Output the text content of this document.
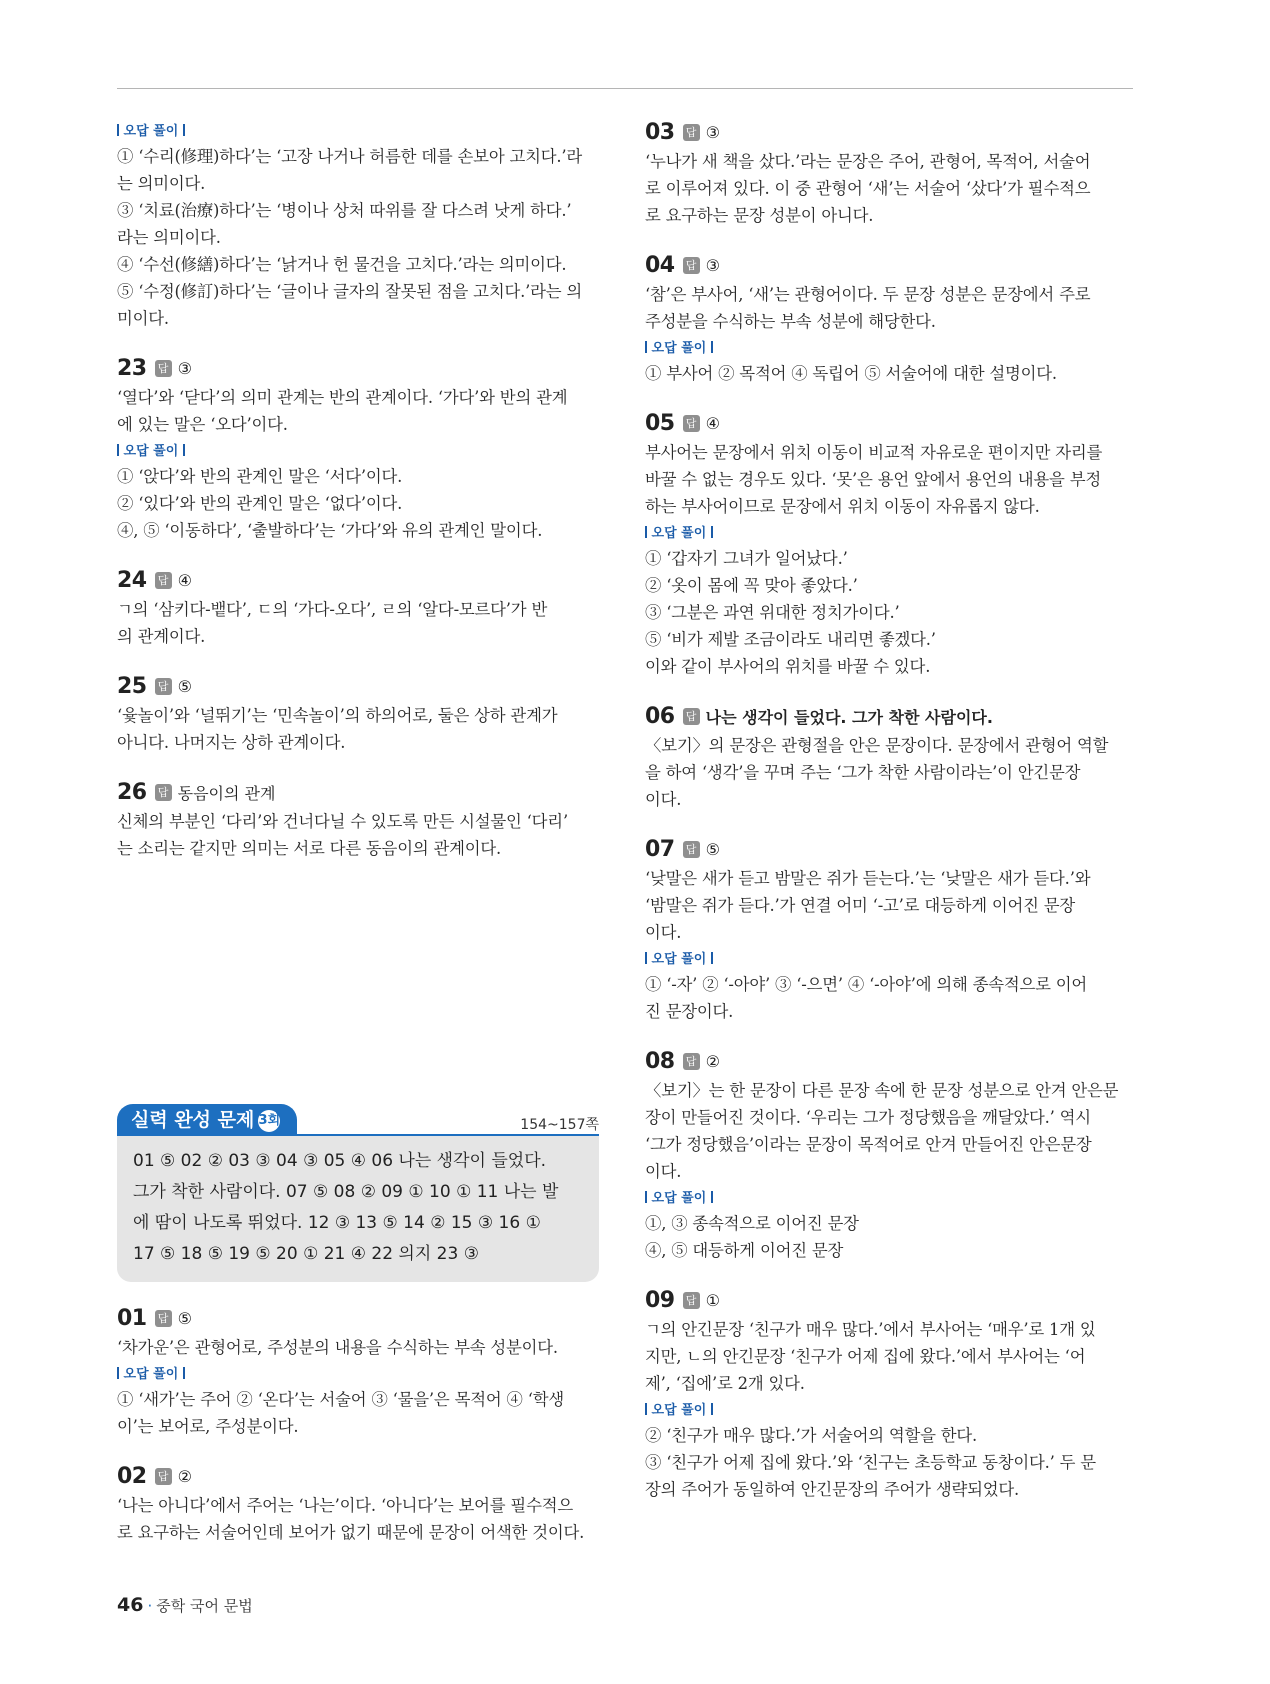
오답 풀이

① ‘수리(修理)하다’는 ‘고장 나거나 허름한 데를 손보아 고치다.’라

는 의미이다.

③ ‘치료(治療)하다’는 ‘병이나 상처 따위를 잘 다스려 낫게 하다.’

라는 의미이다.

④ ‘수선(修繕)하다’는 ‘낡거나 헌 물건을 고치다.’라는 의미이다.

⑤ ‘수정(修訂)하다’는 ‘글이나 글자의 잘못된 점을 고치다.’라는 의

미이다.

23 답 ③

‘열다’와 ‘닫다’의 의미 관계는 반의 관계이다. ‘가다’와 반의 관계

에 있는 말은 ‘오다’이다.

오답 풀이

① ‘앉다’와 반의 관계인 말은 ‘서다’이다.

② ‘있다’와 반의 관계인 말은 ‘없다’이다.

④, ⑤ ‘이동하다’, ‘출발하다’는 ‘가다’와 유의 관계인 말이다.

24 답 ④

ㄱ의 ‘삼키다-뱉다’, ㄷ의 ‘가다-오다’, ㄹ의 ‘알다-모르다’가 반

의 관계이다.

25 답 ⑤

‘윷놀이’와 ‘널뛰기’는 ‘민속놀이’의 하의어로, 둘은 상하 관계가

아니다. 나머지는 상하 관계이다.

26 답 동음이의 관계

신체의 부분인 ‘다리’와 건너다닐 수 있도록 만든 시설물인 ‘다리’

는 소리는 같지만 의미는 서로 다른 동음이의 관계이다.

실력 완성 문제 3회	154~157쪽
01 ⑤ 02 ② 03 ③ 04 ③ 05 ④ 06 나는 생각이 들었다.
그가 착한 사람이다. 07 ⑤ 08 ② 09 ① 10 ① 11 나는 발
에 땀이 나도록 뛰었다. 12 ③ 13 ⑤ 14 ② 15 ③ 16 ①
17 ⑤ 18 ⑤ 19 ⑤ 20 ① 21 ④ 22 의지 23 ③
01 답 ⑤

‘차가운’은 관형어로, 주성분의 내용을 수식하는 부속 성분이다.

오답 풀이

① ‘새가’는 주어 ② ‘온다’는 서술어 ③ ‘물을’은 목적어 ④ ‘학생

이’는 보어로, 주성분이다.

02 답 ②

‘나는 아니다’에서 주어는 ‘나는’이다. ‘아니다’는 보어를 필수적으

로 요구하는 서술어인데 보어가 없기 때문에 문장이 어색한 것이다.

03 답 ③

‘누나가 새 책을 샀다.’라는 문장은 주어, 관형어, 목적어, 서술어

로 이루어져 있다. 이 중 관형어 ‘새’는 서술어 ‘샀다’가 필수적으

로 요구하는 문장 성분이 아니다.

04 답 ③

‘참’은 부사어, ‘새’는 관형어이다. 두 문장 성분은 문장에서 주로

주성분을 수식하는 부속 성분에 해당한다.

오답 풀이

① 부사어 ② 목적어 ④ 독립어 ⑤ 서술어에 대한 설명이다.

05 답 ④

부사어는 문장에서 위치 이동이 비교적 자유로운 편이지만 자리를

바꿀 수 없는 경우도 있다. ‘못’은 용언 앞에서 용언의 내용을 부정

하는 부사어이므로 문장에서 위치 이동이 자유롭지 않다.

오답 풀이

① ‘갑자기 그녀가 일어났다.’

② ‘옷이 몸에 꼭 맞아 좋았다.’

③ ‘그분은 과연 위대한 정치가이다.’

⑤ ‘비가 제발 조금이라도 내리면 좋겠다.’

이와 같이 부사어의 위치를 바꿀 수 있다.

06 답 나는 생각이 들었다. 그가 착한 사람이다.

〈보기〉의 문장은 관형절을 안은 문장이다. 문장에서 관형어 역할

을 하여 ‘생각’을 꾸며 주는 ‘그가 착한 사람이라는’이 안긴문장

이다.

07 답 ⑤

‘낮말은 새가 듣고 밤말은 쥐가 듣는다.’는 ‘낮말은 새가 듣다.’와

‘밤말은 쥐가 듣다.’가 연결 어미 ‘-고’로 대등하게 이어진 문장

이다.

오답 풀이

① ‘-자’ ② ‘-아야’ ③ ‘-으면’ ④ ‘-아야’에 의해 종속적으로 이어

진 문장이다.

08 답 ②

〈보기〉는 한 문장이 다른 문장 속에 한 문장 성분으로 안겨 안은문

장이 만들어진 것이다. ‘우리는 그가 정당했음을 깨달았다.’ 역시

‘그가 정당했음’이라는 문장이 목적어로 안겨 만들어진 안은문장

이다.

오답 풀이

①, ③ 종속적으로 이어진 문장

④, ⑤ 대등하게 이어진 문장

09 답 ①

ㄱ의 안긴문장 ‘친구가 매우 많다.’에서 부사어는 ‘매우’로 1개 있

지만, ㄴ의 안긴문장 ‘친구가 어제 집에 왔다.’에서 부사어는 ‘어

제’, ‘집에’로 2개 있다.

오답 풀이

② ‘친구가 매우 많다.’가 서술어의 역할을 한다.

③ ‘친구가 어제 집에 왔다.’와 ‘친구는 초등학교 동창이다.’ 두 문

장의 주어가 동일하여 안긴문장의 주어가 생략되었다.

46 · 중학 국어 문법
